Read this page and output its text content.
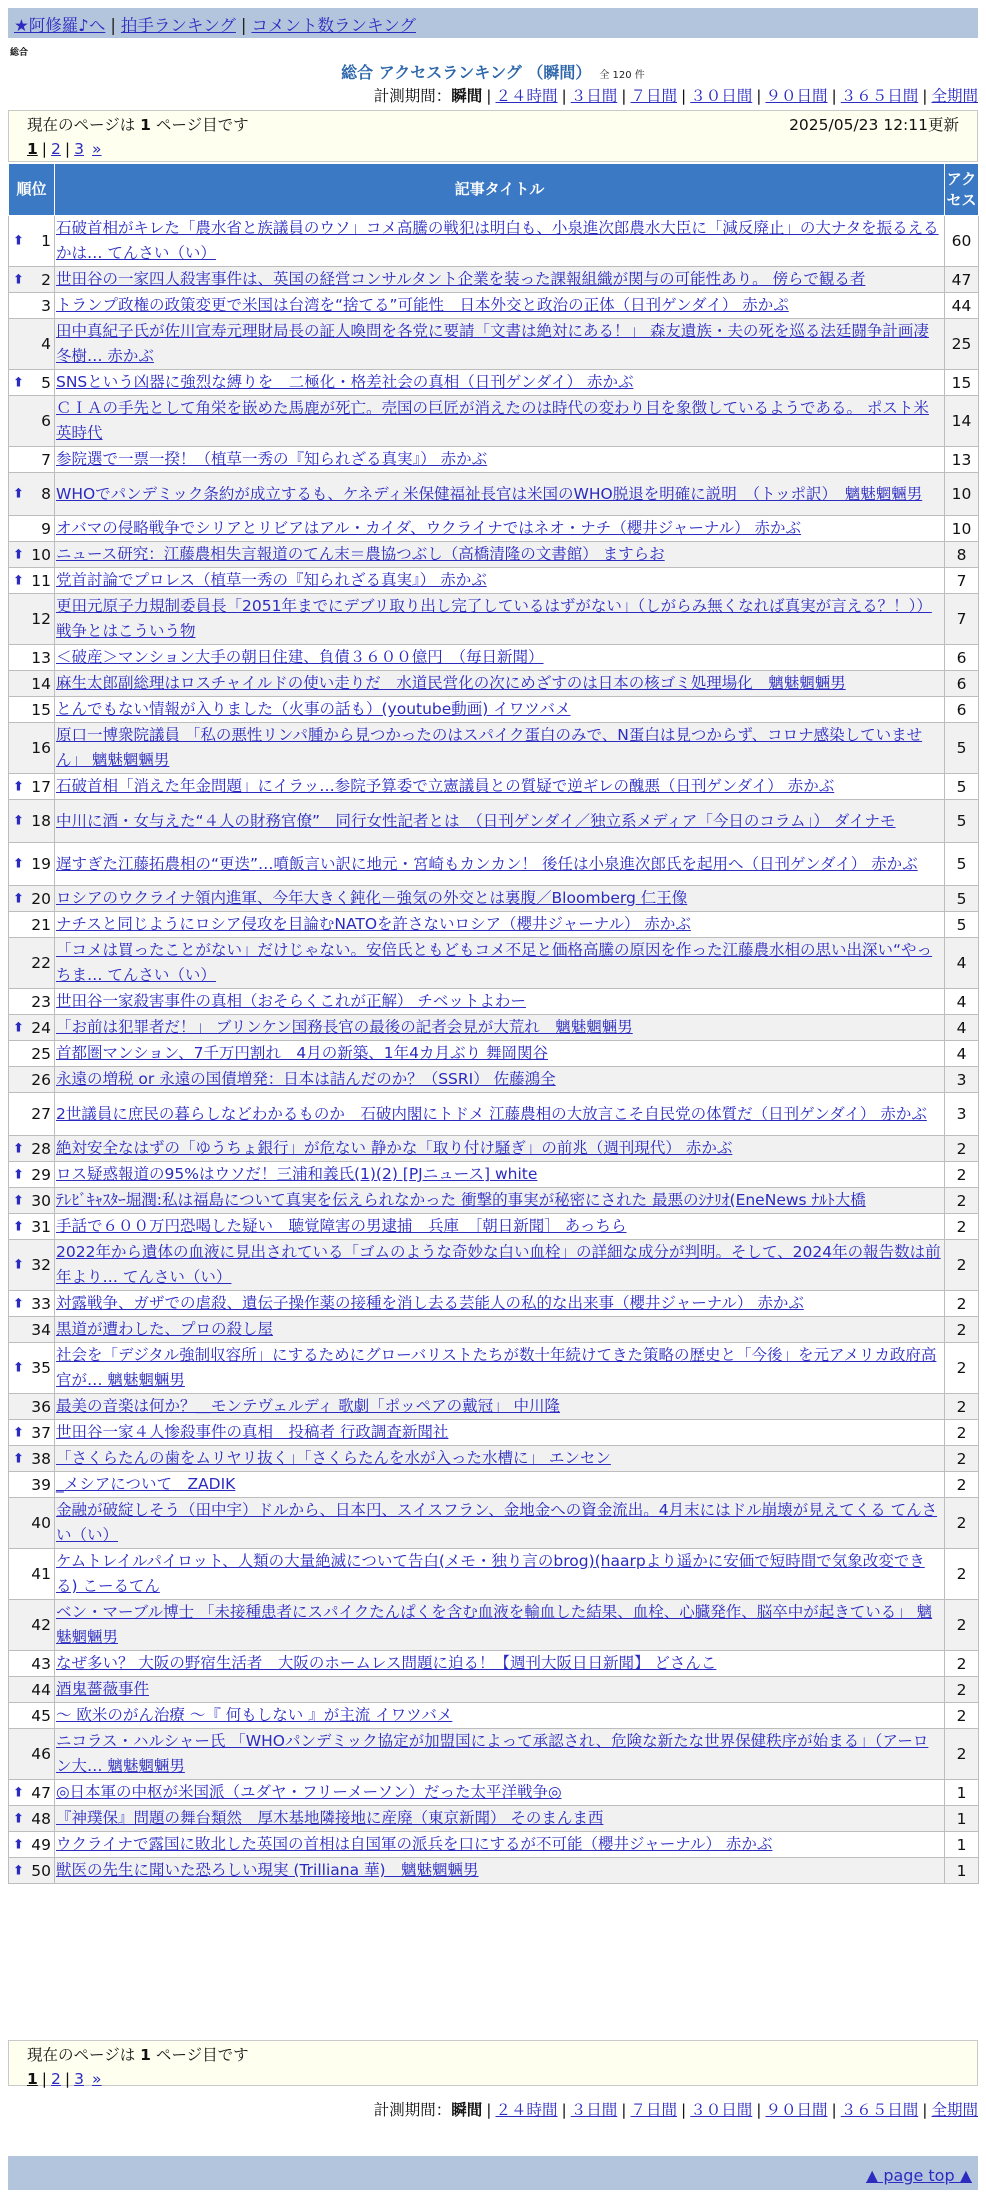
★阿修羅♪へ | 拍手ランキング | コメント数ランキング
総合
総合 アクセスランキング （瞬間） 全 120 件
計測期間：瞬間 | ２４時間 | ３日間 | ７日間 | ３０日間 | ９０日間 | ３６５日間 | 全期間
現在のページは 1 ページ目です	2025/05/23 12:11更新
1 | 2 | 3 »
順位	記事タイトル	アクセス

⬆ 1	石破首相がキレた「農水省と族議員のウソ」コメ高騰の戦犯は明白も、小泉進次郎農水大臣に「減反廃止」の大ナタを振るえるかは… てんさい（い）	60

⬆ 2	世田谷の一家四人殺害事件は、英国の経営コンサルタント企業を装った課報組織が関与の可能性あり。 傍らで観る者	47
3	トランプ政権の政策変更で米国は台湾を“捨てる”可能性　日本外交と政治の正体（日刊ゲンダイ） 赤かぷ	44
4	田中真紀子氏が佐川宣寿元理財局長の証人喚問を各党に要請「文書は絶対にある！」 森友遺族・夫の死を巡る法廷闘争計画凄冬樹… 赤かぶ	25

⬆ 5	SNSという凶器に強烈な縛りを　二極化・格差社会の真相（日刊ゲンダイ） 赤かぶ	15
6	ＣＩＡの手先として角栄を嵌めた馬鹿が死亡。売国の巨匠が消えたのは時代の変わり目を象徴しているようである。 ポスト米英時代	14
7	参院選で一票一揆！（植草一秀の『知られざる真実』） 赤かぶ	13

⬆ 8	WHOでパンデミック条約が成立するも、ケネディ米保健福祉長官は米国のWHO脱退を明確に説明　（トッポ訳）　魑魅魍魎男	10
9	オバマの侵略戦争でシリアとリビアはアル・カイダ、ウクライナではネオ・ナチ（櫻井ジャーナル） 赤かぶ	10

⬆ 10	ニュース研究：江藤農相失言報道のてん末＝農協つぶし（高橋清隆の文書館） ますらお	8

⬆ 11	党首討論でプロレス（植草一秀の『知られざる真実』） 赤かぶ	7
12	更田元原子力規制委員長「2051年までにデブリ取り出し完了しているはずがない」（しがらみ無くなれば真実が言える？！）） 戦争とはこういう物	7
13	＜破産＞マンション大手の朝日住建、負債３６００億円　（毎日新聞）	6
14	麻生太郎副総理はロスチャイルドの使い走りだ　水道民営化の次にめざすのは日本の核ゴミ処理場化　魑魅魍魎男	6
15	とんでもない情報が入りました（火事の話も）(youtube動画) イワツバメ	6
16	原口一博衆院議員 「私の悪性リンパ腫から見つかったのはスパイク蛋白のみで、N蛋白は見つからず、コロナ感染していません」 魑魅魍魎男	5

⬆ 17	石破首相「消えた年金問題」にイラッ…参院予算委で立憲議員との質疑で逆ギレの醜悪（日刊ゲンダイ） 赤かぶ	5

⬆ 18	中川に酒・女与えた“４人の財務官僚”　同行女性記者とは　（日刊ゲンダイ／独立系メディア「今日のコラム」） ダイナモ	5

⬆ 19	遅すぎた江藤拓農相の“更迭”…噴飯言い訳に地元・宮崎もカンカン！ 後任は小泉進次郎氏を起用へ（日刊ゲンダイ） 赤かぶ	5

⬆ 20	ロシアのウクライナ領内進軍、今年大きく鈍化－強気の外交とは裏腹／Bloomberg 仁王像	5
21	ナチスと同じようにロシア侵攻を目論むNATOを許さないロシア（櫻井ジャーナル） 赤かぶ	5
22	「コメは買ったことがない」だけじゃない。安倍氏ともどもコメ不足と価格高騰の原因を作った江藤農水相の思い出深い“やっちま… てんさい（い）	4
23	世田谷一家殺害事件の真相（おそらくこれが正解） チベットよわー	4

⬆ 24	「お前は犯罪者だ！」 ブリンケン国務長官の最後の記者会見が大荒れ　魑魅魍魎男	4
25	首都圏マンション、7千万円割れ　4月の新築、1年4カ月ぶり 舞岡関谷	4
26	永遠の増税 or 永遠の国債増発：日本は詰んだのか？（SSRI） 佐藤鴻全	3
27	2世議員に庶民の暮らしなどわかるものか　石破内閣にトドメ 江藤農相の大放言こそ自民党の体質だ（日刊ゲンダイ） 赤かぶ	3

⬆ 28	絶対安全なはずの「ゆうちょ銀行」が危ない 静かな「取り付け騒ぎ」の前兆（週刊現代） 赤かぶ	2

⬆ 29	ロス疑惑報道の95%はウソだ！三浦和義氏(1)(2) [PJニュース] white	2

⬆ 30	ﾃﾚﾋﾞｷｬｽﾀｰ堀潤:私は福島について真実を伝えられなかった 衝撃的事実が秘密にされた 最悪のｼﾅﾘｵ(EneNews ﾅﾙﾄ大橋	2

⬆ 31	手話で６００万円恐喝した疑い　聴覚障害の男逮捕　兵庫　［朝日新聞］ あっちら	2

⬆ 32	2022年から遺体の血液に見出されている「ゴムのような奇妙な白い血栓」の詳細な成分が判明。そして、2024年の報告数は前年より… てんさい（い）	2

⬆ 33	対露戦争、ガザでの虐殺、遺伝子操作薬の接種を消し去る芸能人の私的な出来事（櫻井ジャーナル） 赤かぶ	2
34	黒道が遭わした、プロの殺し屋	2

⬆ 35	社会を「デジタル強制収容所」にするためにグローバリストたちが数十年続けてきた策略の歴史と「今後」を元アメリカ政府高官が… 魑魅魍魎男	2
36	最美の音楽は何か？＿モンテヴェルディ 歌劇「ポッペアの戴冠」 中川隆	2

⬆ 37	世田谷一家４人惨殺事件の真相　投稿者 行政調査新聞社	2

⬆ 38	「さくらたんの歯をムリヤリ抜く」「さくらたんを水が入った水槽に」 エンセン	2
39	_メシアについて　ZADIK	2
40	金融が破綻しそう（田中宇）ドルから、日本円、スイスフラン、金地金への資金流出。4月末にはドル崩壊が見えてくる てんさい（い）	2
41	ケムトレイルパイロット、人類の大量絶滅について告白(メモ・独り言のbrog)(haarpより遥かに安価で短時間で気象改変できる) こーるてん	2
42	ベン・マーブル博士 「未接種患者にスパイクたんぱくを含む血液を輸血した結果、血栓、心臓発作、脳卒中が起きている」 魑魅魍魎男	2
43	なぜ多い？ 大阪の野宿生活者　大阪のホームレス問題に迫る！【週刊大阪日日新聞】 どさんこ	2
44	酒鬼薔薇事件	2
45	〜 欧米のがん治療 〜『 何もしない 』が主流 イワツバメ	2
46	ニコラス・ハルシャー氏 「WHOパンデミック協定が加盟国によって承認され、危険な新たな世界保健秩序が始まる」（アーロン大… 魑魅魍魎男	2

⬆ 47	◎日本軍の中枢が米国派（ユダヤ・フリーメーソン）だった太平洋戦争◎	1

⬆ 48	『神璞保』問題の舞台類然　厚木基地隣接地に産廃（東京新聞） そのまんま西	1

⬆ 49	ウクライナで露国に敗北した英国の首相は自国軍の派兵を口にするが不可能（櫻井ジャーナル） 赤かぶ	1

⬆ 50	獣医の先生に聞いた恐ろしい現実 (Trilliana 華)　魑魅魍魎男	1
現在のページは 1 ページ目です
1 | 2 | 3 »
計測期間：瞬間 | ２４時間 | ３日間 | ７日間 | ３０日間 | ９０日間 | ３６５日間 | 全期間
▲ page top ▲
